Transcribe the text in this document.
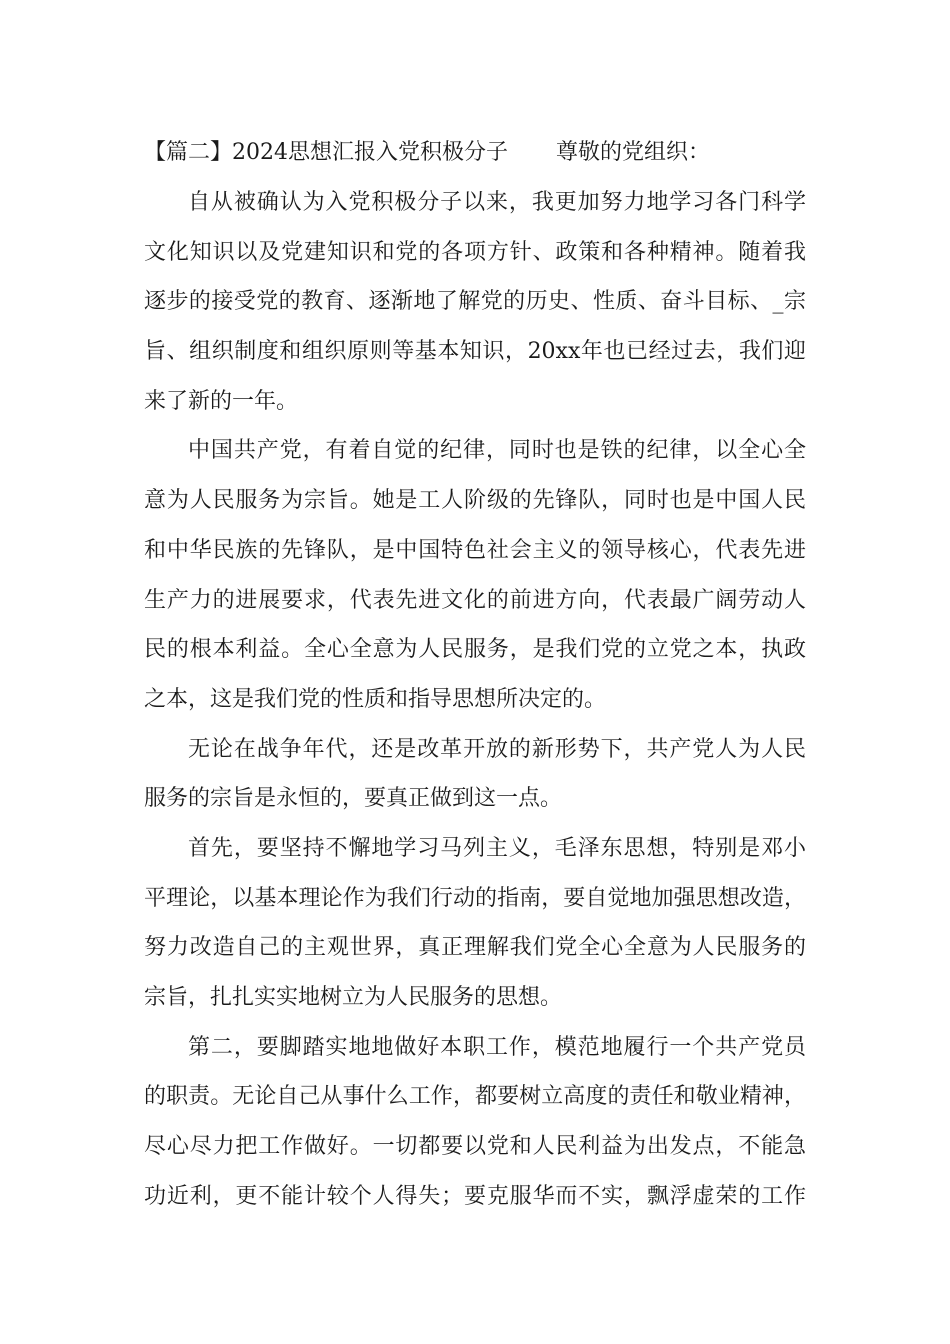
【篇二】2024思想汇报入党积极分子 尊敬的党组织：

自从被确认为入党积极分子以来，我更加努力地学习各门科学
文化知识以及党建知识和党的各项方针、政策和各种精神。随着我
逐步的接受党的教育、逐渐地了解党的历史、性质、奋斗目标、_宗
旨、组织制度和组织原则等基本知识，20xx年也已经过去，我们迎
来了新的一年。

中国共产党，有着自觉的纪律，同时也是铁的纪律，以全心全
意为人民服务为宗旨。她是工人阶级的先锋队，同时也是中国人民
和中华民族的先锋队，是中国特色社会主义的领导核心，代表先进
生产力的进展要求，代表先进文化的前进方向，代表最广阔劳动人
民的根本利益。全心全意为人民服务，是我们党的立党之本，执政
之本，这是我们党的性质和指导思想所决定的。

无论在战争年代，还是改革开放的新形势下，共产党人为人民
服务的宗旨是永恒的，要真正做到这一点。

首先，要坚持不懈地学习马列主义，毛泽东思想，特别是邓小
平理论，以基本理论作为我们行动的指南，要自觉地加强思想改造，
努力改造自己的主观世界，真正理解我们党全心全意为人民服务的
宗旨，扎扎实实地树立为人民服务的思想。

第二，要脚踏实地地做好本职工作，模范地履行一个共产党员
的职责。无论自己从事什么工作，都要树立高度的责任和敬业精神，
尽心尽力把工作做好。一切都要以党和人民利益为出发点，不能急
功近利，更不能计较个人得失；要克服华而不实，飘浮虚荣的工作
